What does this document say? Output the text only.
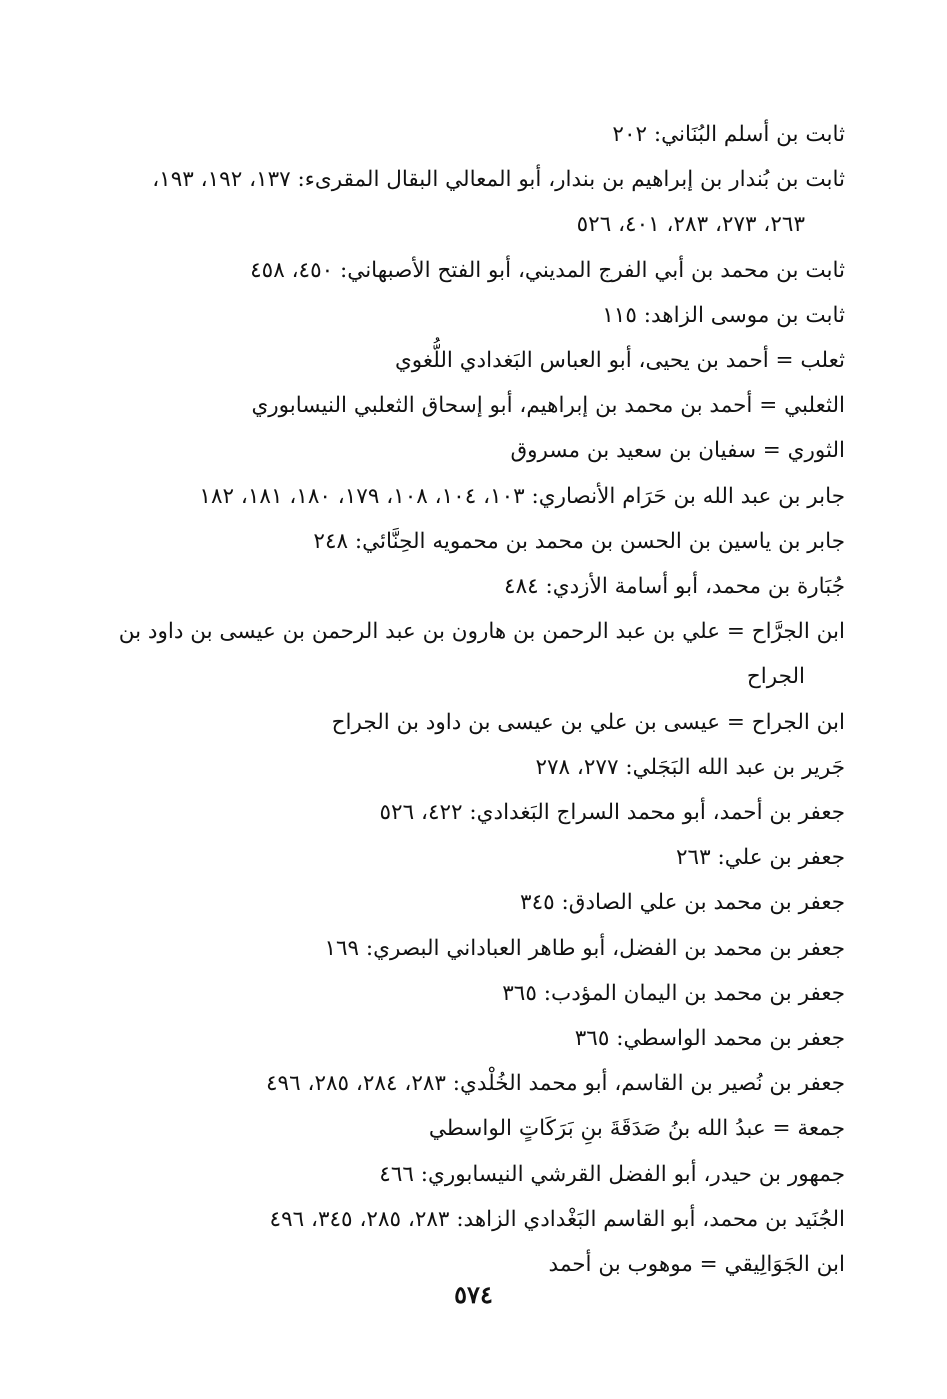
ثابت بن أسلم البُنَاني: ٢٠٢
ثابت بن بُندار بن إبراهيم بن بندار، أبو المعالي البقال المقرىء: ١٣٧، ١٩٢، ١٩٣،
٢٦٣، ٢٧٣، ٢٨٣، ٤٠١، ٥٢٦
ثابت بن محمد بن أبي الفرج المديني، أبو الفتح الأصبهاني: ٤٥٠، ٤٥٨
ثابت بن موسى الزاهد: ١١٥
ثعلب = أحمد بن يحيى، أبو العباس البَغدادي اللُّغوي
الثعلبي = أحمد بن محمد بن إبراهيم، أبو إسحاق الثعلبي النيسابوري
الثوري = سفيان بن سعيد بن مسروق
جابر بن عبد الله بن حَرَام الأنصاري: ١٠٣، ١٠٤، ١٠٨، ١٧٩، ١٨٠، ١٨١، ١٨٢
جابر بن ياسين بن الحسن بن محمد بن محمويه الحِنَّائي: ٢٤٨
جُبَارة بن محمد، أبو أسامة الأزدي: ٤٨٤
ابن الجرَّاح = علي بن عبد الرحمن بن هارون بن عبد الرحمن بن عيسى بن داود بن
الجراح
ابن الجراح = عيسى بن علي بن عيسى بن داود بن الجراح
جَرير بن عبد الله البَجَلي: ٢٧٧، ٢٧٨
جعفر بن أحمد، أبو محمد السراج البَغدادي: ٤٢٢، ٥٢٦
جعفر بن علي: ٢٦٣
جعفر بن محمد بن علي الصادق: ٣٤٥
جعفر بن محمد بن الفضل، أبو طاهر العباداني البصري: ١٦٩
جعفر بن محمد بن اليمان المؤدب: ٣٦٥
جعفر بن محمد الواسطي: ٣٦٥
جعفر بن نُصير بن القاسم، أبو محمد الخُلْدي: ٢٨٣، ٢٨٤، ٢٨٥، ٤٩٦
جمعة = عبدُ الله بنُ صَدَقَةَ بنِ بَرَكَاتٍ الواسطي
جمهور بن حيدر، أبو الفضل القرشي النيسابوري: ٤٦٦
الجُنَيد بن محمد، أبو القاسم البَغْدادي الزاهد: ٢٨٣، ٢٨٥، ٣٤٥، ٤٩٦
ابن الجَوَالِيقي = موهوب بن أحمد
٥٧٤
